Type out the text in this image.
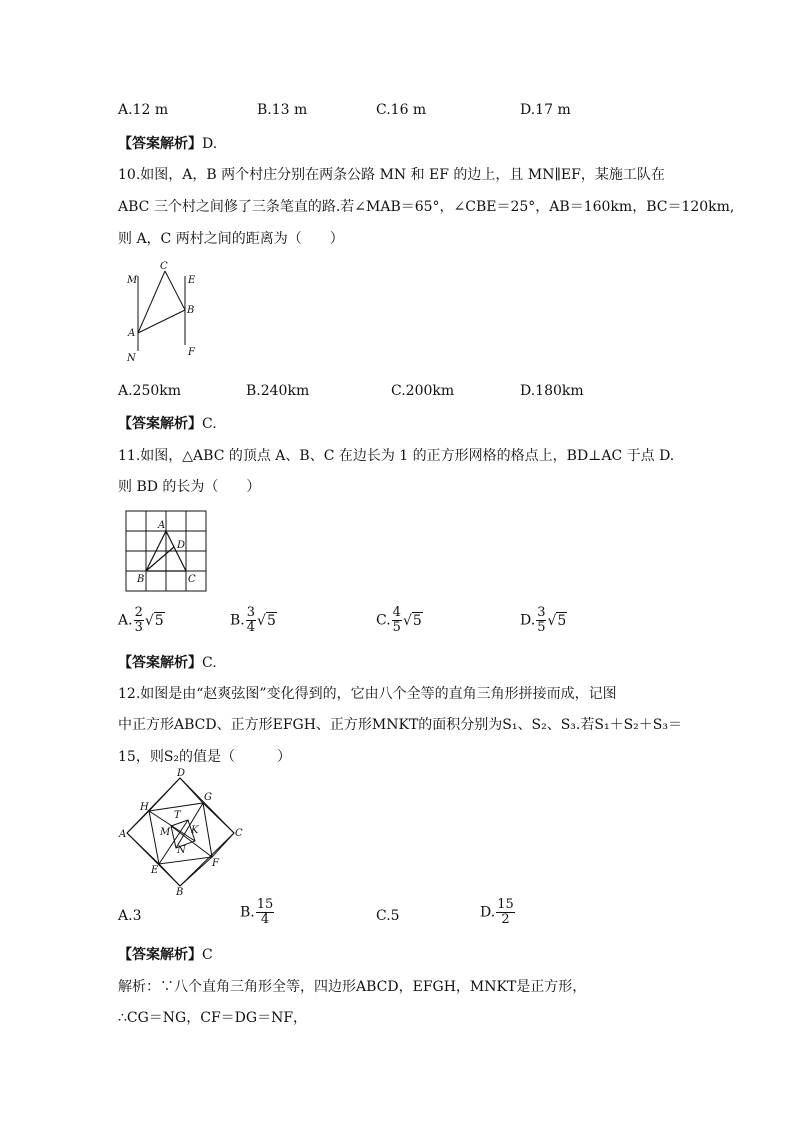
A.12 m	B.13 m	C.16 m	D.17 m
【答案解析】D.
10.如图，A，B 两个村庄分别在两条公路 MN 和 EF 的边上，且 MN∥EF，某施工队在
ABC 三个村之间修了三条笔直的路.若∠MAB＝65°，∠CBE＝25°，AB＝160km，BC＝120km,
则 A，C 两村之间的距离为（　　）
M
C
E
B
A
N
F
A.250km	B.240km	C.200km	D.180km
【答案解析】C.
11.如图，△ABC 的顶点 A、B、C 在边长为 1 的正方形网格的格点上，BD⊥AC 于点 D.
则 BD 的长为（　　）
A
D
B	C
A. $\frac{2}{3} √5$	B. $\frac{3}{4} √5$	C. $\frac{4}{5} √5$	D. $\frac{3}{5} √5$
【答案解析】C.
12.如图是由“赵爽弦图”变化得到的，它由八个全等的直角三角形拼接而成，记图
中正方形ABCD、正方形EFGH、正方形MNKT的面积分别为S₁、S₂、S₃.若S₁＋S₂＋S₃＝
15，则S₂的值是（　　　）
D
H
G
T
A	M K	C
N
F
E
B
A.3	B. $\frac{15}{4}$	C.5	D. $\frac{15}{2}$
【答案解析】C
解析：∵八个直角三角形全等，四边形ABCD，EFGH，MNKT是正方形，
∴CG＝NG，CF＝DG＝NF，
